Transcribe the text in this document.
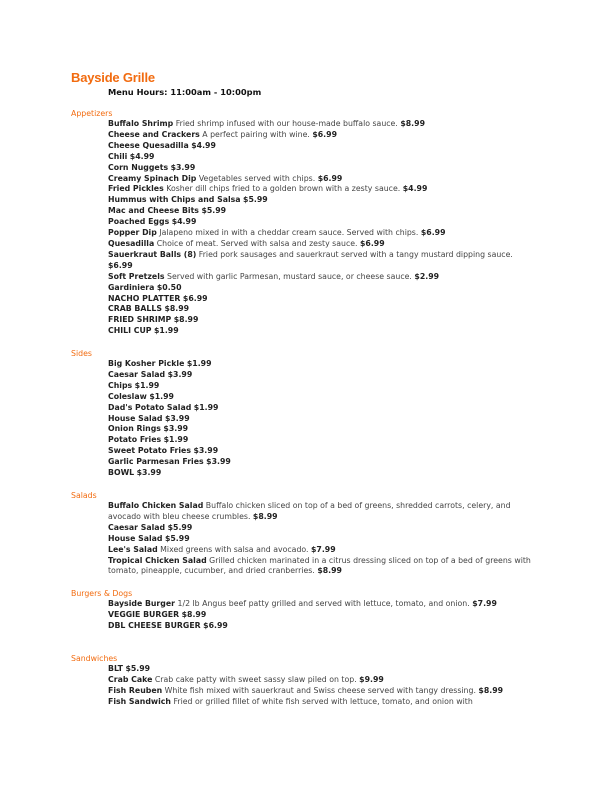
Bayside Grille
Menu Hours: 11:00am - 10:00pm
Appetizers
Buffalo Shrimp Fried shrimp infused with our house-made buffalo sauce. $8.99
Cheese and Crackers A perfect pairing with wine. $6.99
Cheese Quesadilla $4.99
Chili $4.99
Corn Nuggets $3.99
Creamy Spinach Dip Vegetables served with chips. $6.99
Fried Pickles Kosher dill chips fried to a golden brown with a zesty sauce. $4.99
Hummus with Chips and Salsa $5.99
Mac and Cheese Bits $5.99
Poached Eggs $4.99
Popper Dip Jalapeno mixed in with a cheddar cream sauce. Served with chips. $6.99
Quesadilla Choice of meat. Served with salsa and zesty sauce. $6.99
Sauerkraut Balls (8) Fried pork sausages and sauerkraut served with a tangy mustard dipping sauce. $6.99
Soft Pretzels Served with garlic Parmesan, mustard sauce, or cheese sauce. $2.99
Gardiniera $0.50
NACHO PLATTER $6.99
CRAB BALLS $8.99
FRIED SHRIMP $8.99
CHILI CUP $1.99
Sides
Big Kosher Pickle $1.99
Caesar Salad $3.99
Chips $1.99
Coleslaw $1.99
Dad's Potato Salad $1.99
House Salad $3.99
Onion Rings $3.99
Potato Fries $1.99
Sweet Potato Fries $3.99
Garlic Parmesan Fries $3.99
BOWL $3.99
Salads
Buffalo Chicken Salad Buffalo chicken sliced on top of a bed of greens, shredded carrots, celery, and avocado with bleu cheese crumbles. $8.99
Caesar Salad $5.99
House Salad $5.99
Lee's Salad Mixed greens with salsa and avocado. $7.99
Tropical Chicken Salad Grilled chicken marinated in a citrus dressing sliced on top of a bed of greens with tomato, pineapple, cucumber, and dried cranberries. $8.99
Burgers & Dogs
Bayside Burger 1/2 lb Angus beef patty grilled and served with lettuce, tomato, and onion. $7.99
VEGGIE BURGER $8.99
DBL CHEESE BURGER $6.99
Sandwiches
BLT $5.99
Crab Cake Crab cake patty with sweet sassy slaw piled on top. $9.99
Fish Reuben White fish mixed with sauerkraut and Swiss cheese served with tangy dressing. $8.99
Fish Sandwich Fried or grilled fillet of white fish served with lettuce, tomato, and onion with
